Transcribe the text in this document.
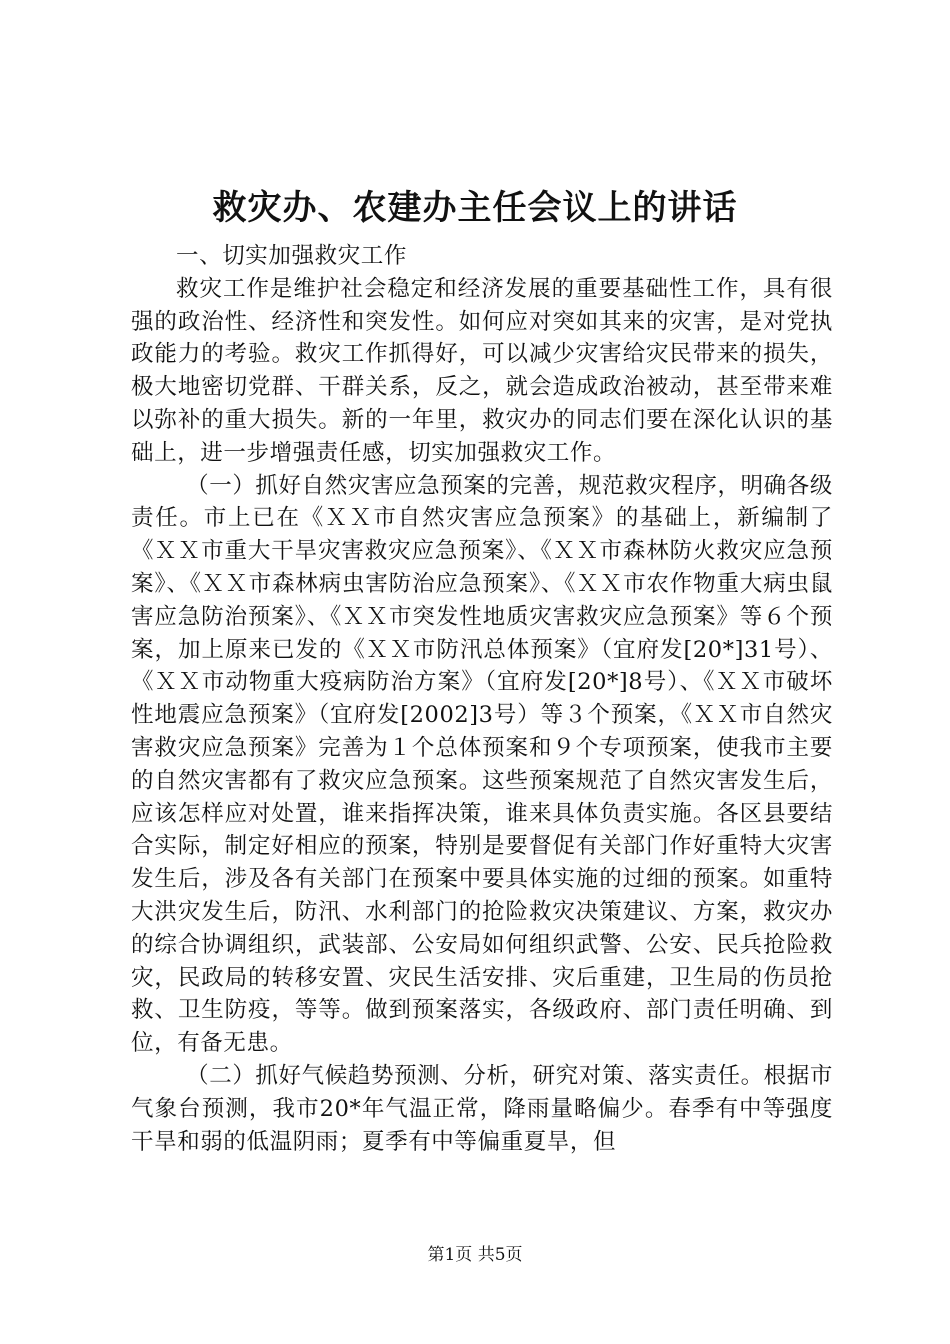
救灾办、农建办主任会议上的讲话

一、切实加强救灾工作

救灾工作是维护社会稳定和经济发展的重要基础性工作，具有很强的政治性、经济性和突发性。如何应对突如其来的灾害，是对党执政能力的考验。救灾工作抓得好，可以减少灾害给灾民带来的损失，极大地密切党群、干群关系，反之，就会造成政治被动，甚至带来难以弥补的重大损失。新的一年里，救灾办的同志们要在深化认识的基础上，进一步增强责任感，切实加强救灾工作。

（一）抓好自然灾害应急预案的完善，规范救灾程序，明确各级责任。市上已在《ＸＸ市自然灾害应急预案》的基础上，新编制了《ＸＸ市重大干旱灾害救灾应急预案》、《ＸＸ市森林防火救灾应急预案》、《ＸＸ市森林病虫害防治应急预案》、《ＸＸ市农作物重大病虫鼠害应急防治预案》、《ＸＸ市突发性地质灾害救灾应急预案》等６个预案，加上原来已发的《ＸＸ市防汛总体预案》（宜府发[20*]31号）、《ＸＸ市动物重大疫病防治方案》（宜府发[20*]8号）、《ＸＸ市破坏性地震应急预案》（宜府发[2002]3号）等３个预案，《ＸＸ市自然灾害救灾应急预案》完善为１个总体预案和９个专项预案，使我市主要的自然灾害都有了救灾应急预案。这些预案规范了自然灾害发生后，应该怎样应对处置，谁来指挥决策，谁来具体负责实施。各区县要结合实际，制定好相应的预案，特别是要督促有关部门作好重特大灾害发生后，涉及各有关部门在预案中要具体实施的过细的预案。如重特大洪灾发生后，防汛、水利部门的抢险救灾决策建议、方案，救灾办的综合协调组织，武装部、公安局如何组织武警、公安、民兵抢险救灾，民政局的转移安置、灾民生活安排、灾后重建，卫生局的伤员抢救、卫生防疫，等等。做到预案落实，各级政府、部门责任明确、到位，有备无患。

（二）抓好气候趋势预测、分析，研究对策、落实责任。根据市气象台预测，我市20*年气温正常，降雨量略偏少。春季有中等强度干旱和弱的低温阴雨；夏季有中等偏重夏旱，但

第1页 共5页
